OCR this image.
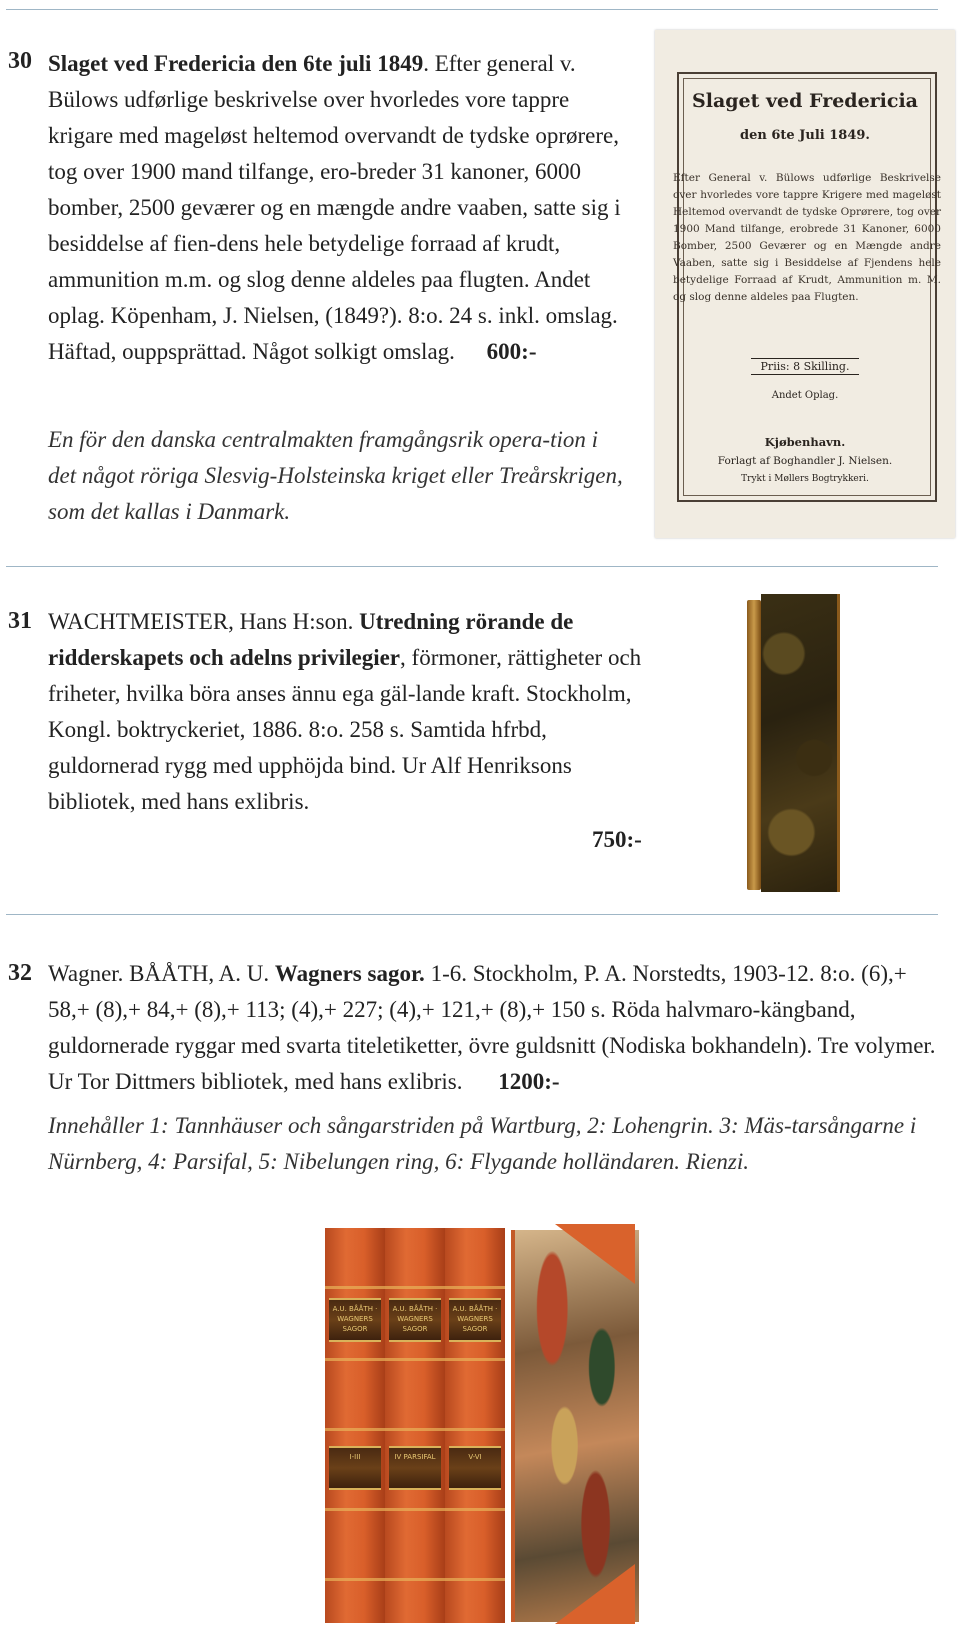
30 Slaget ved Fredericia den 6te juli 1849. Efter general v. Bülows udførlige beskrivelse over hvorledes vore tappre krigare med mageløst heltemod overvandt de tydske oprørere, tog over 1900 mand tilfange, ero-breder 31 kanoner, 6000 bomber, 2500 geværer og en mængde andre vaaben, satte sig i besiddelse af fien-dens hele betydelige forraad af krudt, ammunition m.m. og slog denne aldeles paa flugten. Andet oplag. Köpenham, J. Nielsen, (1849?). 8:o. 24 s. inkl. omslag. Häftad, ouppsprättad. Något solkigt omslag. 600:-
En för den danska centralmakten framgångsrik opera-tion i det något röriga Slesvig-Holsteinska kriget eller Treårskrigen, som det kallas i Danmark.
Slaget ved Fredericia
den 6te Juli 1849.
Efter General v. Bülows udførlige Beskrivelse over hvorledes vore tappre Krigere med mageløst Heltemod overvandt de tydske Oprørere, tog over 1900 Mand tilfange, erobrede 31 Kanoner, 6000 Bomber, 2500 Geværer og en Mængde andre Vaaben, satte sig i Besiddelse af Fjendens hele betydelige Forraad af Krudt, Ammunition m. M. og slog denne aldeles paa Flugten.
Priis: 8 Skilling.
Andet Oplag.
Kjøbenhavn.
Forlagt af Boghandler J. Nielsen.
Trykt i Møllers Bogtrykkeri.
31 WACHTMEISTER, Hans H:son. Utredning rörande de ridderskapets och adelns privilegier, förmoner, rättigheter och friheter, hvilka böra anses ännu ega gäl-lande kraft. Stockholm, Kongl. boktryckeriet, 1886. 8:o. 258 s. Samtida hfrbd, guldornerad rygg med upphöjda bind. Ur Alf Henriksons bibliotek, med hans exlibris.
750:-
32 Wagner. BÅÅTH, A. U. Wagners sagor. 1-6. Stockholm, P. A. Norstedts, 1903-12. 8:o. (6),+ 58,+ (8),+ 84,+ (8),+ 113; (4),+ 227; (4),+ 121,+ (8),+ 150 s. Röda halvmaro-kängband, guldornerade ryggar med svarta titeletiketter, övre guldsnitt (Nodiska bokhandeln). Tre volymer. Ur Tor Dittmers bibliotek, med hans exlibris. 1200:-
Innehåller 1: Tannhäuser och sångarstriden på Wartburg, 2: Lohengrin. 3: Mäs-tarsångarne i Nürnberg, 4: Parsifal, 5: Nibelungen ring, 6: Flygande holländaren. Rienzi.
A.U. BÅÅTH · WAGNERS SAGOR
I-III
A.U. BÅÅTH · WAGNERS SAGOR
IV PARSIFAL
A.U. BÅÅTH · WAGNERS SAGOR
V-VI
